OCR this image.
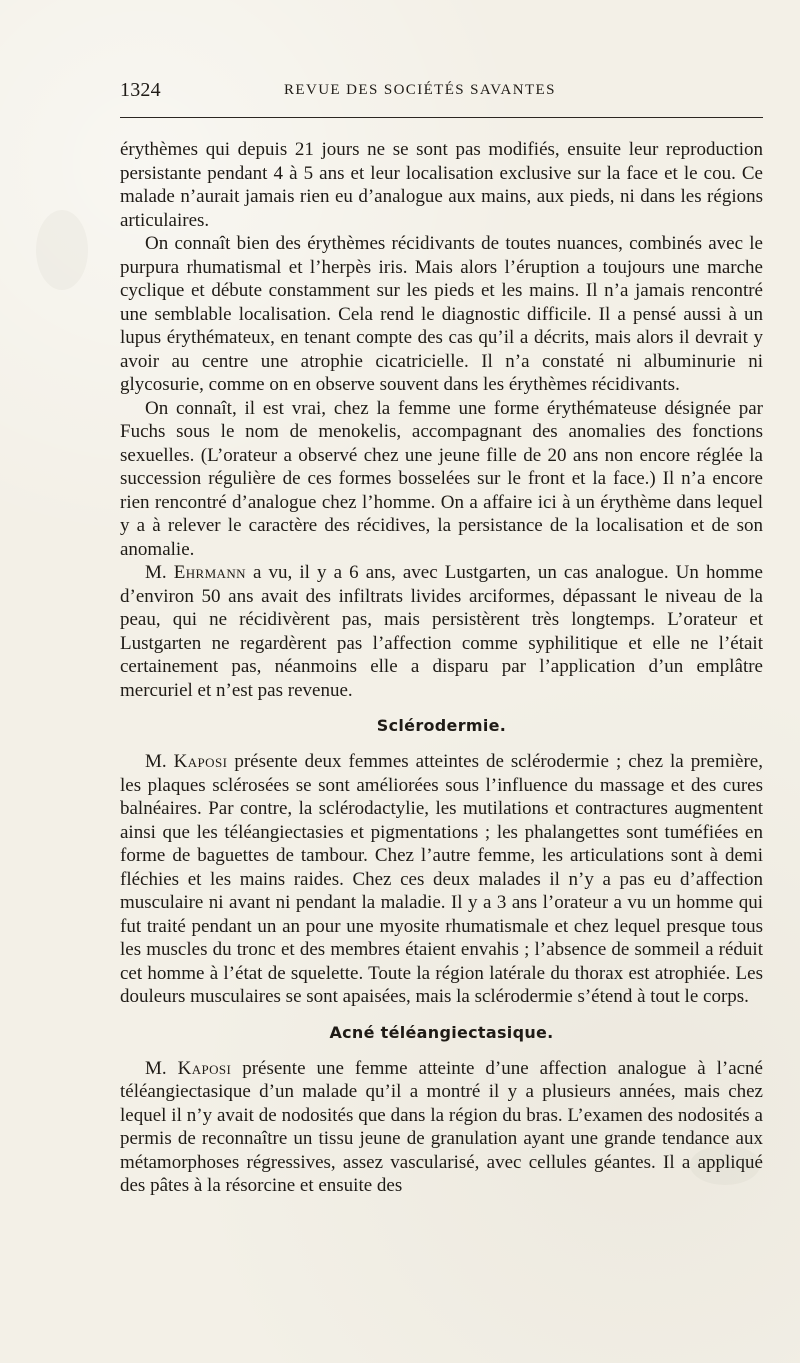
1324	REVUE DES SOCIÉTÉS SAVANTES

érythèmes qui depuis 21 jours ne se sont pas modifiés, ensuite leur reproduction persistante pendant 4 à 5 ans et leur localisation exclusive sur la face et le cou. Ce malade n’aurait jamais rien eu d’analogue aux mains, aux pieds, ni dans les régions articulaires.

On connaît bien des érythèmes récidivants de toutes nuances, combinés avec le purpura rhumatismal et l’herpès iris. Mais alors l’éruption a toujours une marche cyclique et débute constamment sur les pieds et les mains. Il n’a jamais rencontré une semblable localisation. Cela rend le diagnostic difficile. Il a pensé aussi à un lupus érythémateux, en tenant compte des cas qu’il a décrits, mais alors il devrait y avoir au centre une atrophie cicatricielle. Il n’a constaté ni albuminurie ni glycosurie, comme on en observe souvent dans les érythèmes récidivants.

On connaît, il est vrai, chez la femme une forme érythémateuse désignée par Fuchs sous le nom de menokelis, accompagnant des anomalies des fonctions sexuelles. (L’orateur a observé chez une jeune fille de 20 ans non encore réglée la succession régulière de ces formes bosselées sur le front et la face.) Il n’a encore rien rencontré d’analogue chez l’homme. On a affaire ici à un érythème dans lequel y a à relever le caractère des récidives, la persistance de la localisation et de son anomalie.

M. Ehrmann a vu, il y a 6 ans, avec Lustgarten, un cas analogue. Un homme d’environ 50 ans avait des infiltrats livides arciformes, dépassant le niveau de la peau, qui ne récidivèrent pas, mais persistèrent très longtemps. L’orateur et Lustgarten ne regardèrent pas l’affection comme syphilitique et elle ne l’était certainement pas, néanmoins elle a disparu par l’application d’un emplâtre mercuriel et n’est pas revenue.

Sclérodermie.

M. Kaposi présente deux femmes atteintes de sclérodermie ; chez la première, les plaques sclérosées se sont améliorées sous l’influence du massage et des cures balnéaires. Par contre, la sclérodactylie, les mutilations et contractures augmentent ainsi que les téléangiectasies et pigmentations ; les phalangettes sont tuméfiées en forme de baguettes de tambour. Chez l’autre femme, les articulations sont à demi fléchies et les mains raides. Chez ces deux malades il n’y a pas eu d’affection musculaire ni avant ni pendant la maladie. Il y a 3 ans l’orateur a vu un homme qui fut traité pendant un an pour une myosite rhumatismale et chez lequel presque tous les muscles du tronc et des membres étaient envahis ; l’absence de sommeil a réduit cet homme à l’état de squelette. Toute la région latérale du thorax est atrophiée. Les douleurs musculaires se sont apaisées, mais la sclérodermie s’étend à tout le corps.

Acné téléangiectasique.

M. Kaposi présente une femme atteinte d’une affection analogue à l’acné téléangiectasique d’un malade qu’il a montré il y a plusieurs années, mais chez lequel il n’y avait de nodosités que dans la région du bras. L’examen des nodosités a permis de reconnaître un tissu jeune de granulation ayant une grande tendance aux métamorphoses régressives, assez vascularisé, avec cellules géantes. Il a appliqué des pâtes à la résorcine et ensuite des
